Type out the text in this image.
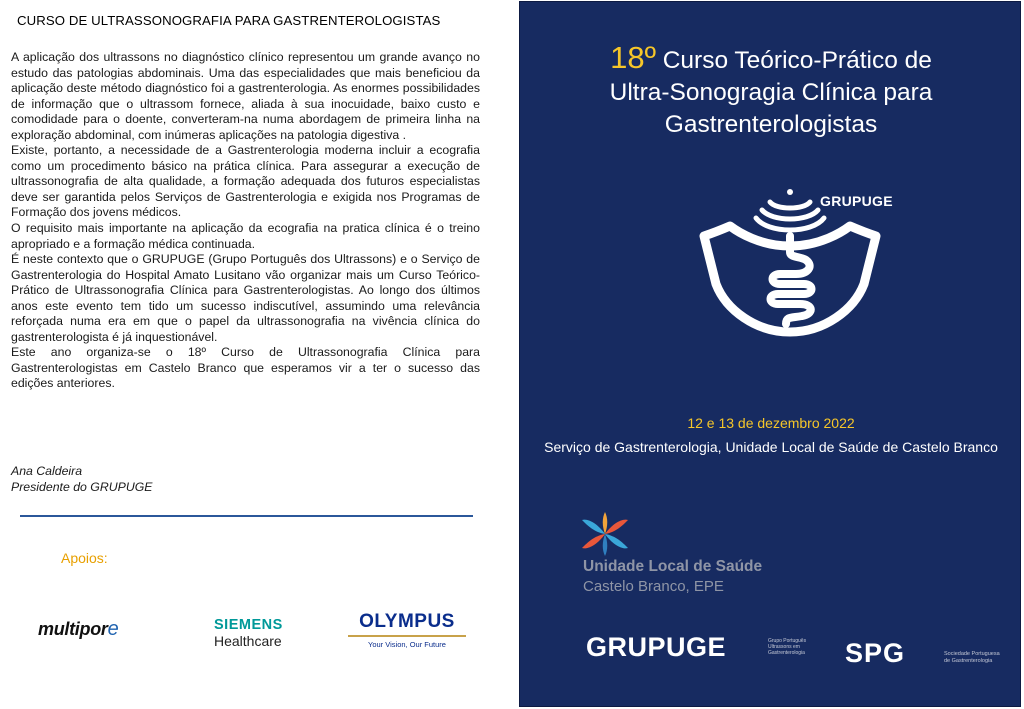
CURSO DE ULTRASSONOGRAFIA PARA GASTRENTEROLOGISTAS

A aplicação dos ultrassons no diagnóstico clínico representou um grande avanço no estudo das patologias abdominais. Uma das especialidades que mais beneficiou da aplicação deste método diagnóstico foi a gastrenterologia. As enormes possibilidades de informação que o ultrassom fornece, aliada à sua inocuidade, baixo custo e comodidade para o doente, converteram-na numa abordagem de primeira linha na exploração abdominal, com inúmeras aplicações na patologia digestiva .

Existe, portanto, a necessidade de a Gastrenterologia moderna incluir a ecografia como um procedimento básico na prática clínica. Para assegurar a execução de ultrassonografia de alta qualidade, a formação adequada dos futuros especialistas deve ser garantida pelos Serviços de Gastrenterologia e exigida nos Programas de Formação dos jovens médicos.

O requisito mais importante na aplicação da ecografia na pratica clínica é o treino apropriado e a formação médica continuada.

É neste contexto que o GRUPUGE (Grupo Português dos Ultrassons) e o Serviço de Gastrenterologia do Hospital Amato Lusitano vão organizar mais um Curso Teórico-Prático de Ultrassonografia Clínica para Gastrenterologistas. Ao longo dos últimos anos este evento tem tido um sucesso indiscutível, assumindo uma relevância reforçada numa era em que o papel da ultrassonografia na vivência clínica do gastrenterologista é já inquestionável.

Este ano organiza-se o 18º Curso de Ultrassonografia Clínica para Gastrenterologistas em Castelo Branco que esperamos vir a ter o sucesso das edições anteriores.

Ana Caldeira
Presidente do GRUPUGE
Apoios:
multipore	SIEMENS
Healthcare
OLYMPUS
Your Vision, Our Future
18º Curso Teórico-Prático de
Ultra-Sonogragia Clínica para
Gastrenterologistas
GRUPUGE
12 e 13 de dezembro 2022
Serviço de Gastrenterologia, Unidade Local de Saúde de Castelo Branco
Unidade Local de Saúde
Castelo Branco, EPE
GRUPUGE	Grupo Português Ultrassons em Gastrenterologia	SPG	Sociedade Portuguesa de Gastrenterologia
